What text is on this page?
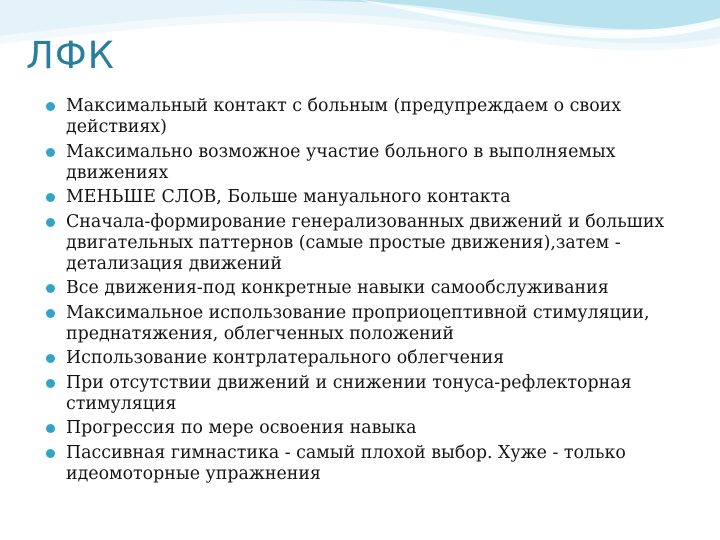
ЛФК
Максимальный контакт с больным (предупреждаем о своих действиях)
Максимально возможное участие больного в выполняемых движениях
МЕНЬШЕ СЛОВ, Больше мануального контакта
Сначала-формирование генерализованных движений и больших двигательных паттернов (самые простые движения),затем - детализация движений
Все движения-под конкретные навыки самообслуживания
Максимальное использование проприоцептивной стимуляции, преднатяжения, облегченных положений
Использование контрлатерального облегчения
При отсутствии движений и снижении тонуса-рефлекторная стимуляция
Прогрессия по мере освоения навыка
Пассивная гимнастика - самый плохой выбор. Хуже - только идеомоторные упражнения
